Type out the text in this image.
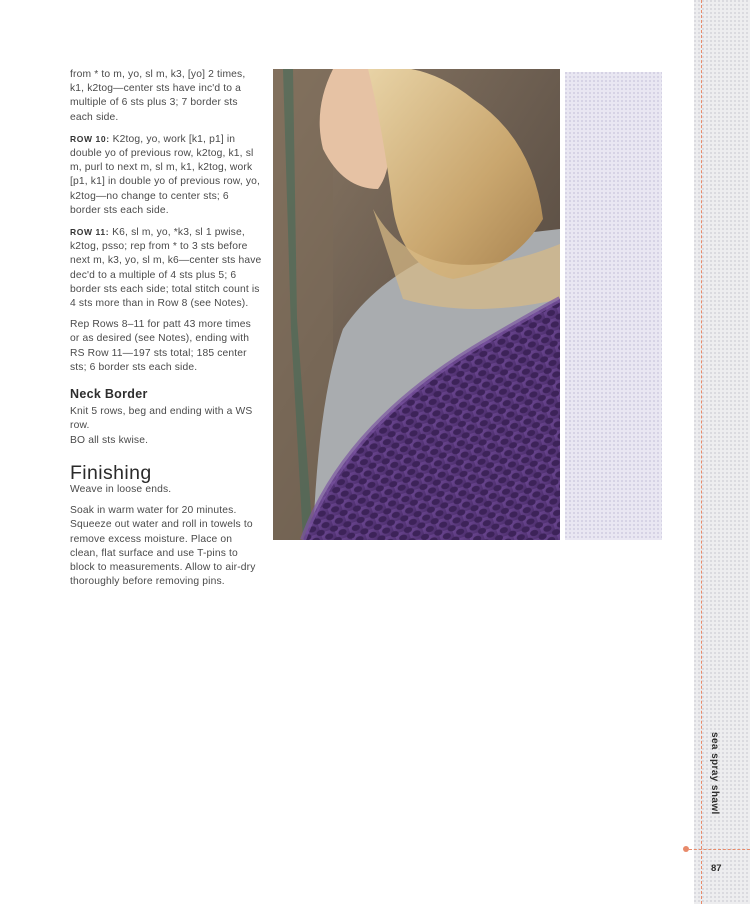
from * to m, yo, sl m, k3, [yo] 2 times, k1, k2tog—center sts have inc'd to a multiple of 6 sts plus 3; 7 border sts each side.

ROW 10: K2tog, yo, work [k1, p1] in double yo of previous row, k2tog, k1, sl m, purl to next m, sl m, k1, k2tog, work [p1, k1] in double yo of previous row, yo, k2tog—no change to center sts; 6 border sts each side.

ROW 11: K6, sl m, yo, *k3, sl 1 pwise, k2tog, psso; rep from * to 3 sts before next m, k3, yo, sl m, k6—center sts have dec'd to a multiple of 4 sts plus 5; 6 border sts each side; total stitch count is 4 sts more than in Row 8 (see Notes).

Rep Rows 8–11 for patt 43 more times or as desired (see Notes), ending with RS Row 11—197 sts total; 185 center sts; 6 border sts each side.

Neck Border

Knit 5 rows, beg and ending with a WS row.

BO all sts kwise.

Finishing

Weave in loose ends.

Soak in warm water for 20 minutes. Squeeze out water and roll in towels to remove excess moisture. Place on clean, flat surface and use T-pins to block to measurements. Allow to air-dry thoroughly before removing pins.

sea spray shawl
87
